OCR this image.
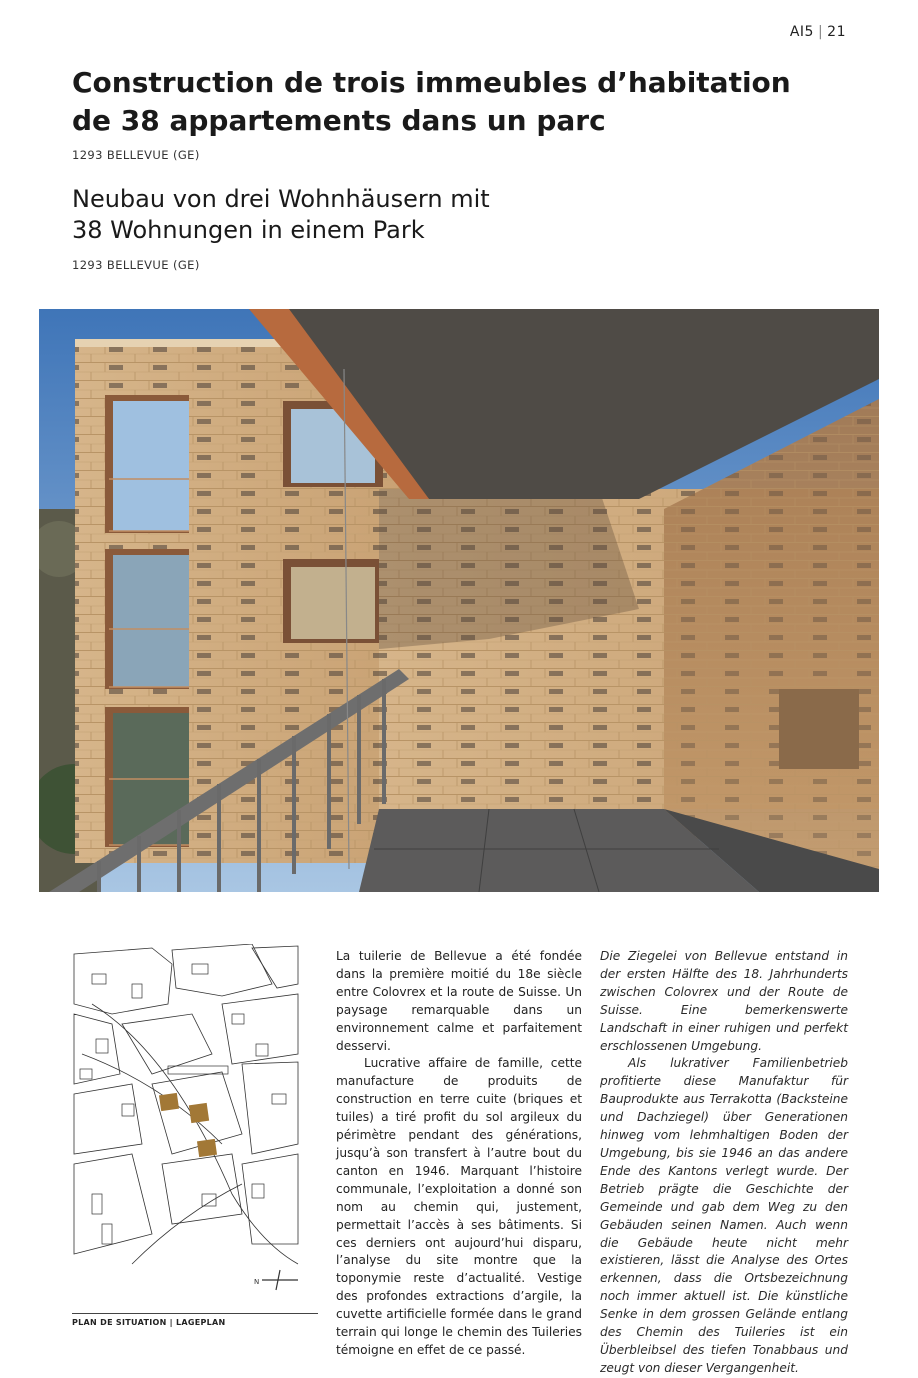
AI5 | 21
Construction de trois immeubles d’habitation
de 38 appartements dans un parc
1293 BELLEVUE (GE)
Neubau von drei Wohnhäusern mit
38 Wohnungen in einem Park
1293 BELLEVUE (GE)
N
PLAN DE SITUATION | LAGEPLAN

La tuilerie de Bellevue a été fondée dans la première moitié du 18e siècle entre Colovrex et la route de Suisse. Un paysage remarquable dans un environnement calme et parfaitement desservi.

Lucrative affaire de famille, cette manufacture de produits de construction en terre cuite (briques et tuiles) a tiré profit du sol argileux du périmètre pendant des générations, jusqu’à son transfert à l’autre bout du canton en 1946. Marquant l’histoire communale, l’exploitation a donné son nom au chemin qui, justement, permettait l’accès à ses bâtiments. Si ces derniers ont aujourd’hui disparu, l’analyse du site montre que la toponymie reste d’actualité. Vestige des profondes extractions d’argile, la cuvette artificielle formée dans le grand terrain qui longe le chemin des Tuileries témoigne en effet de ce passé.

Die Ziegelei von Bellevue entstand in der ersten Hälfte des 18. Jahrhunderts zwischen Colovrex und der Route de Suisse. Eine bemerkenswerte Landschaft in einer ruhigen und perfekt erschlossenen Umgebung.

Als lukrativer Familienbetrieb profitierte diese Manufaktur für Bauprodukte aus Terrakotta (Backsteine und Dachziegel) über Generationen hinweg vom lehmhaltigen Boden der Umgebung, bis sie 1946 an das andere Ende des Kantons verlegt wurde. Der Betrieb prägte die Geschichte der Gemeinde und gab dem Weg zu den Gebäuden seinen Namen. Auch wenn die Gebäude heute nicht mehr existieren, lässt die Analyse des Ortes erkennen, dass die Ortsbezeichnung noch immer aktuell ist. Die künstliche Senke in dem grossen Gelände entlang des Chemin des Tuileries ist ein Überbleibsel des tiefen Tonabbaus und zeugt von dieser Vergangenheit.
